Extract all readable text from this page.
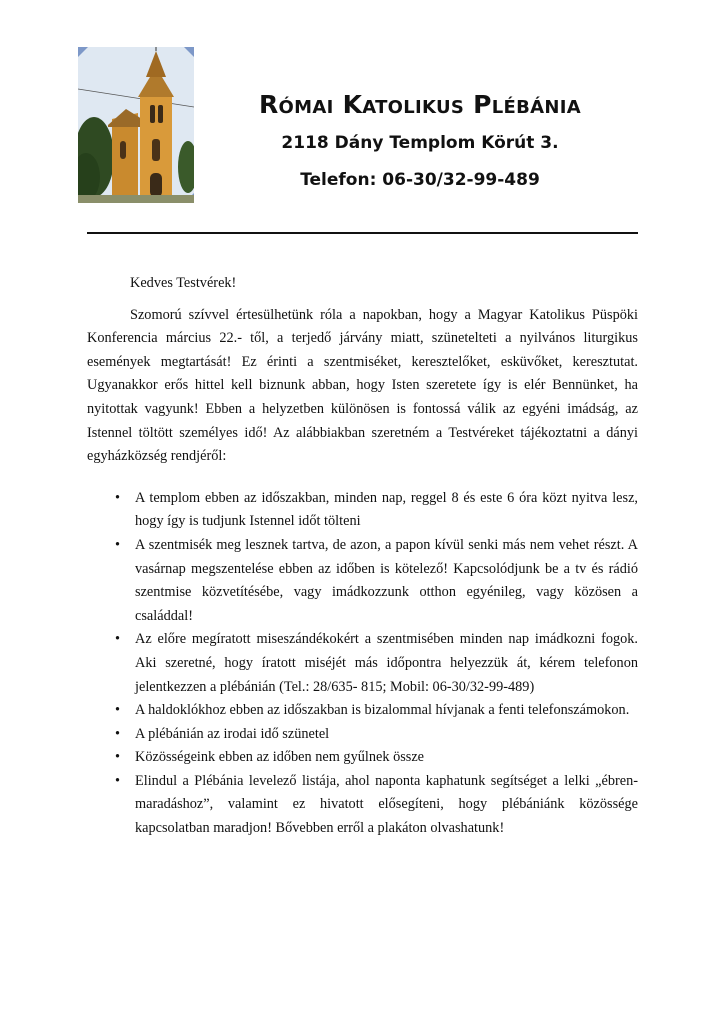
Római Katolikus Plébánia

2118 Dány Templom Körút 3.

Telefon: 06-30/32-99-489

Kedves Testvérek!

Szomorú szívvel értesülhetünk róla a napokban, hogy a Magyar Katolikus Püspöki Konferencia március 22.- től, a terjedő járvány miatt, szünetelteti a nyilvános liturgikus események megtartását! Ez érinti a szentmiséket, keresztelőket, esküvőket, keresztutat. Ugyanakkor erős hittel kell biznunk abban, hogy Isten szeretete így is elér Bennünket, ha nyitottak vagyunk! Ebben a helyzetben különösen is fontossá válik az egyéni imádság, az Istennel töltött személyes idő! Az alábbiakban szeretném a Testvéreket tájékoztatni a dányi egyházközség rendjéről:

• A templom ebben az időszakban, minden nap, reggel 8 és este 6 óra közt nyitva lesz, hogy így is tudjunk Istennel időt tölteni
• A szentmisék meg lesznek tartva, de azon, a papon kívül senki más nem vehet részt. A vasárnap megszentelése ebben az időben is kötelező! Kapcsolódjunk be a tv és rádió szentmise közvetítésébe, vagy imádkozzunk otthon egyénileg, vagy közösen a családdal!
• Az előre megíratott miseszándékokért a szentmisében minden nap imádkozni fogok. Aki szeretné, hogy íratott miséjét más időpontra helyezzük át, kérem telefonon jelentkezzen a plébánián (Tel.: 28/635- 815; Mobil: 06-30/32-99-489)
• A haldoklókhoz ebben az időszakban is bizalommal hívjanak a fenti telefonszámokon.
• A plébánián az irodai idő szünetel
• Közösségeink ebben az időben nem gyűlnek össze
• Elindul a Plébánia levelező listája, ahol naponta kaphatunk segítséget a lelki „ébren-maradáshoz”, valamint ez hivatott elősegíteni, hogy plébániánk közössége kapcsolatban maradjon! Bővebben erről a plakáton olvashatunk!
